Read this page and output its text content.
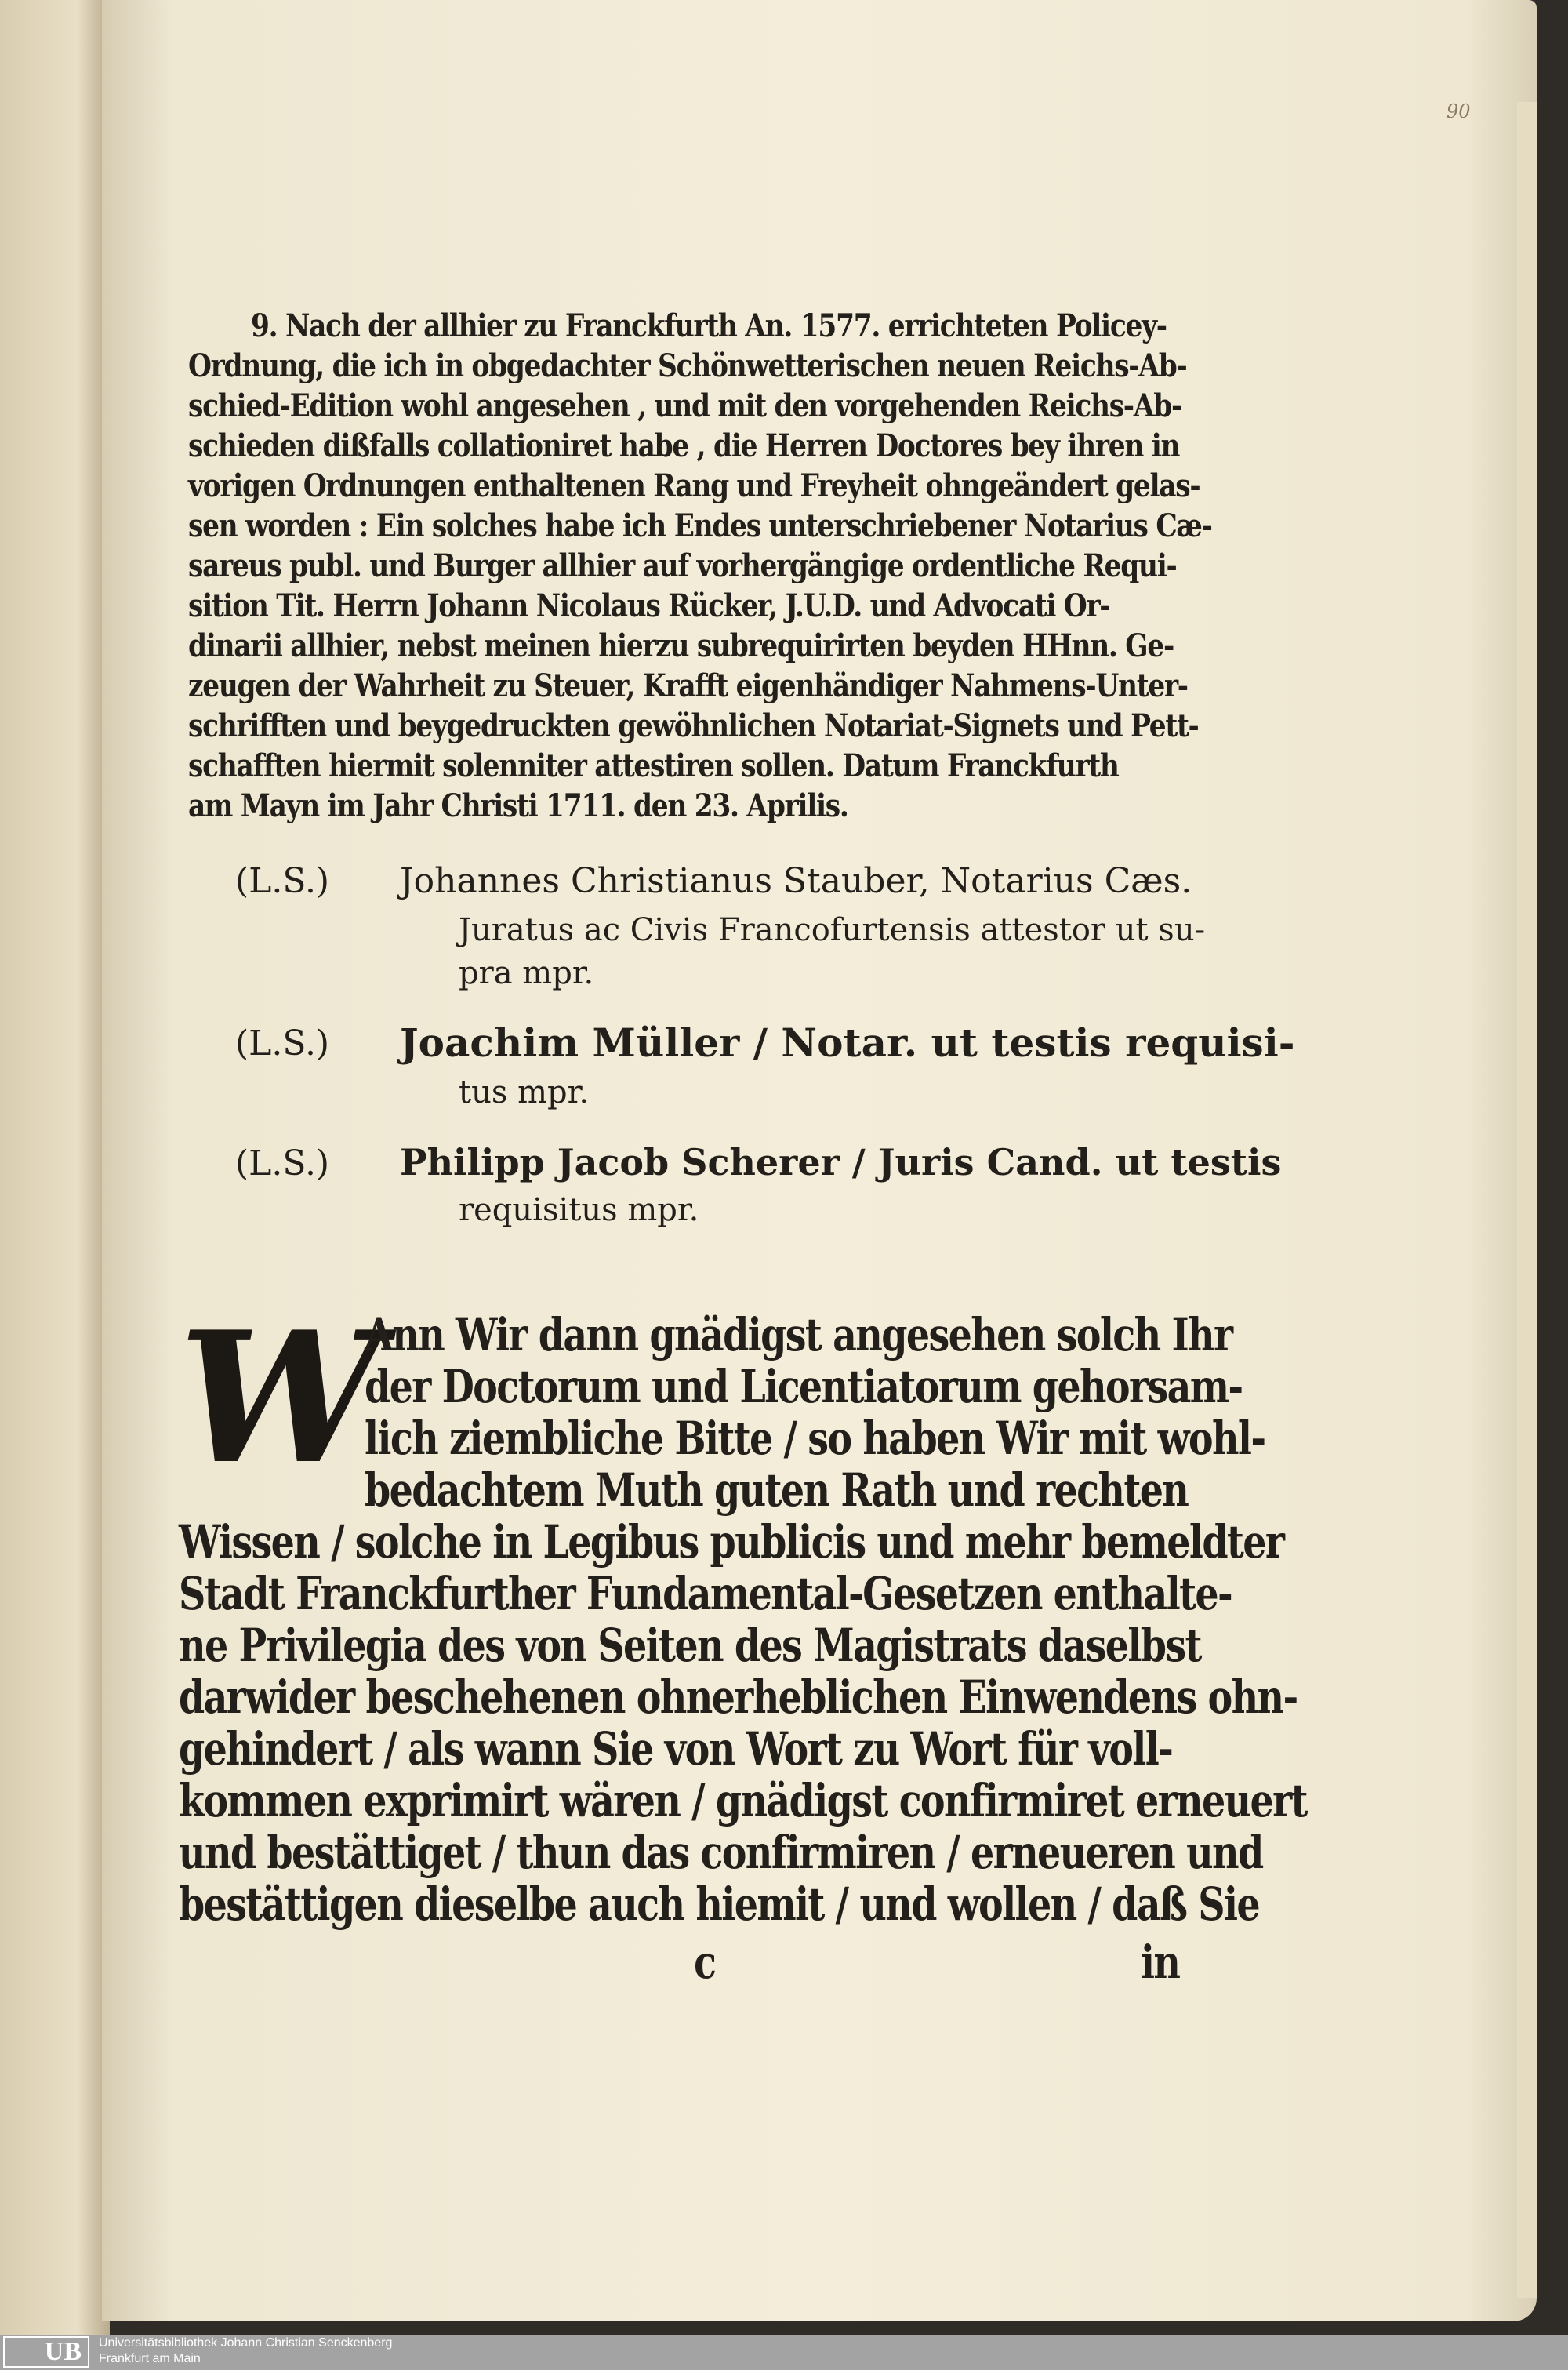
90
9. Nach der allhier zu Franckfurth An. 1577. errichteten Policey-
Ordnung, die ich in obgedachter Schönwetterischen neuen Reichs-Ab-
schied-Edition wohl angesehen , und mit den vorgehenden Reichs-Ab-
schieden dißfalls collationiret habe , die Herren Doctores bey ihren in
vorigen Ordnungen enthaltenen Rang und Freyheit ohngeändert gelas-
sen worden : Ein solches habe ich Endes unterschriebener Notarius Cæ-
sareus publ. und Burger allhier auf vorhergängige ordentliche Requi-
sition Tit. Herrn Johann Nicolaus Rücker, J.U.D. und Advocati Or-
dinarii allhier, nebst meinen hierzu subrequirirten beyden HHnn. Ge-
zeugen der Wahrheit zu Steuer, Krafft eigenhändiger Nahmens-Unter-
schrifften und beygedruckten gewöhnlichen Notariat-Signets und Pett-
schafften hiermit solenniter attestiren sollen. Datum Franckfurth
am Mayn im Jahr Christi 1711. den 23. Aprilis.
(L.S.) Johannes Christianus Stauber, Notarius Cæs.
Juratus ac Civis Francofurtensis attestor ut su-
pra mpr.
(L.S.) Joachim Müller / Notar. ut testis requisi-
tus mpr.
(L.S.) Philipp Jacob Scherer / Juris Cand. ut testis
requisitus mpr.
W
Ann Wir dann gnädigst angesehen solch Ihr
der Doctorum und Licentiatorum gehorsam-
lich ziembliche Bitte / so haben Wir mit wohl-
bedachtem Muth guten Rath und rechten
Wissen / solche in Legibus publicis und mehr bemeldter
Stadt Franckfurther Fundamental-Gesetzen enthalte-
ne Privilegia des von Seiten des Magistrats daselbst
darwider beschehenen ohnerheblichen Einwendens ohn-
gehindert / als wann Sie von Wort zu Wort für voll-
kommen exprimirt wären / gnädigst confirmiret erneuert
und bestättiget / thun das confirmiren / erneueren und
bestättigen dieselbe auch hiemit / und wollen / daß Sie
c	in
UB	Universitätsbibliothek Johann Christian Senckenberg
Frankfurt am Main
